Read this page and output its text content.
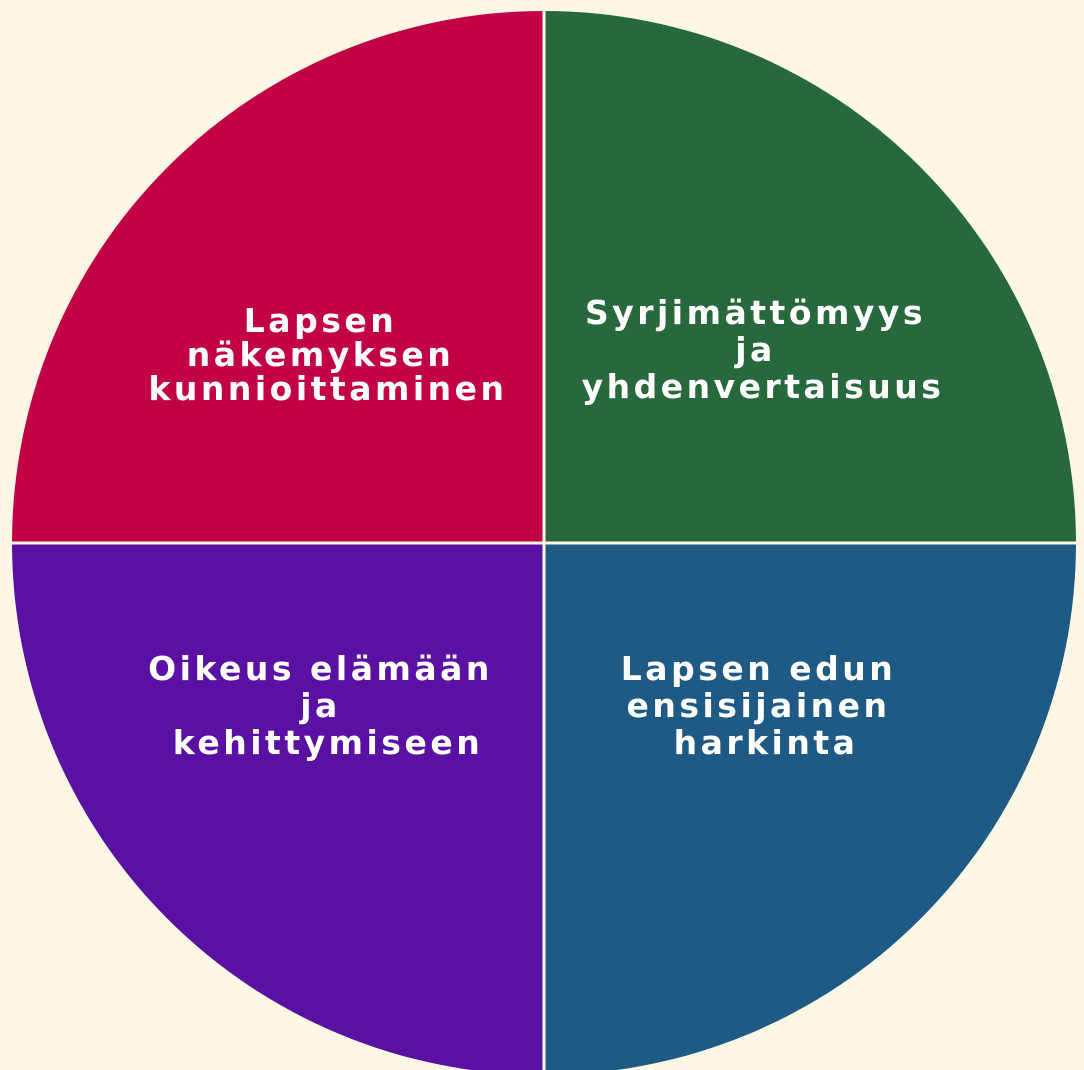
Lapsen näkemyksen kunnioittaminen
Syrjimättömyys ja yhdenvertaisuus
Oikeus elämään ja kehittymiseen
Lapsen edun ensisijainen harkinta
